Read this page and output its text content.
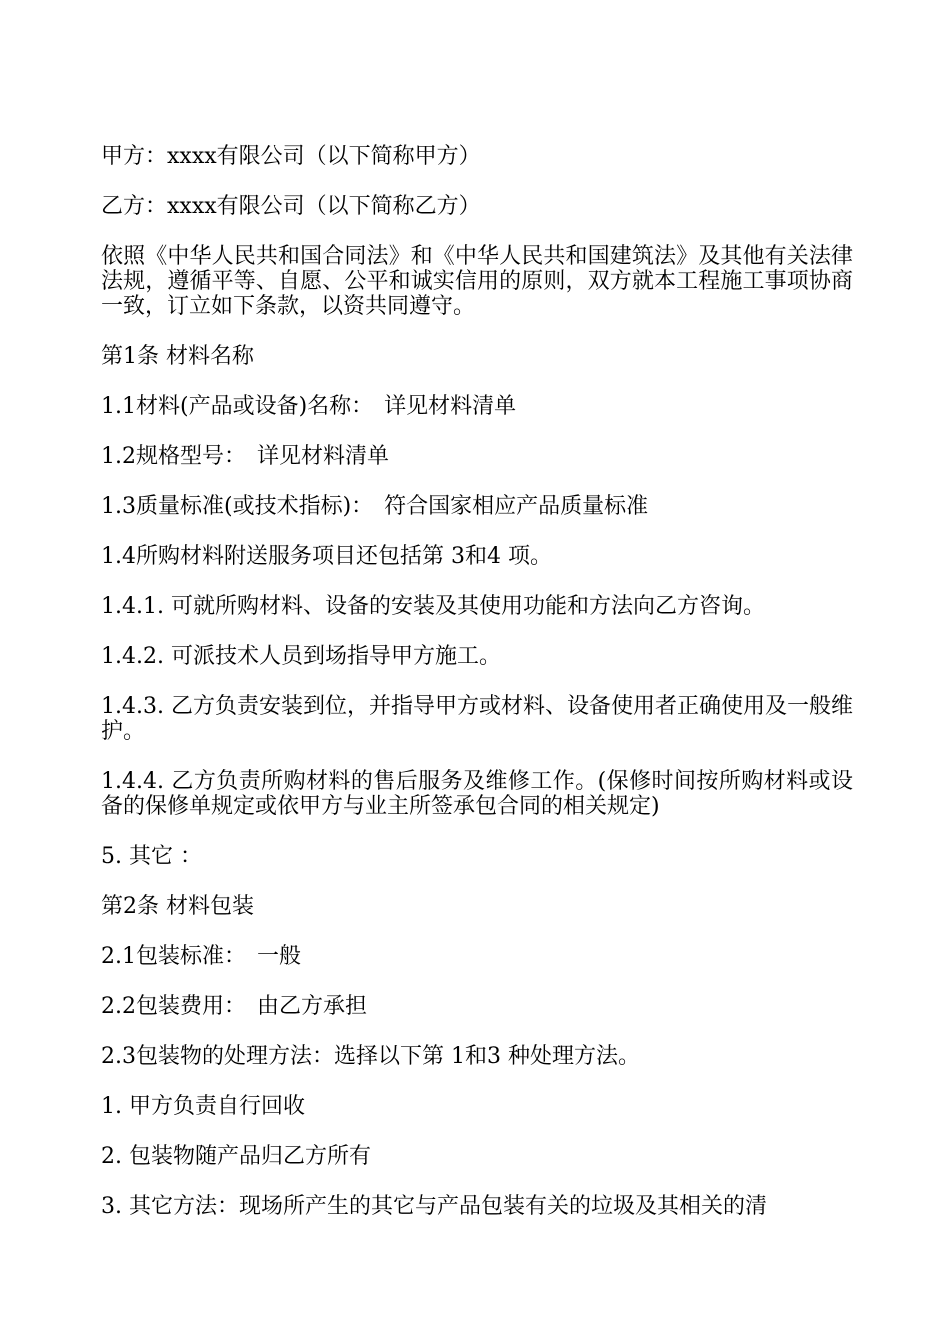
甲方：xxxx有限公司（以下简称甲方）

乙方：xxxx有限公司（以下简称乙方）

依照《中华人民共和国合同法》和《中华人民共和国建筑法》及其他有关法律法规，遵循平等、自愿、公平和诚实信用的原则，双方就本工程施工事项协商一致，订立如下条款，以资共同遵守。

第1条 材料名称

1.1材料(产品或设备)名称：　详见材料清单

1.2规格型号：　详见材料清单

1.3质量标准(或技术指标)：　符合国家相应产品质量标准

1.4所购材料附送服务项目还包括第 3和4 项。

1.4.1. 可就所购材料、设备的安装及其使用功能和方法向乙方咨询。

1.4.2. 可派技术人员到场指导甲方施工。

1.4.3. 乙方负责安装到位，并指导甲方或材料、设备使用者正确使用及一般维护。

1.4.4. 乙方负责所购材料的售后服务及维修工作。(保修时间按所购材料或设备的保修单规定或依甲方与业主所签承包合同的相关规定)

5. 其它 ：

第2条 材料包装

2.1包装标准：　一般

2.2包装费用：　由乙方承担

2.3包装物的处理方法：选择以下第 1和3 种处理方法。

1. 甲方负责自行回收

2. 包装物随产品归乙方所有

3. 其它方法：现场所产生的其它与产品包装有关的垃圾及其相关的清
